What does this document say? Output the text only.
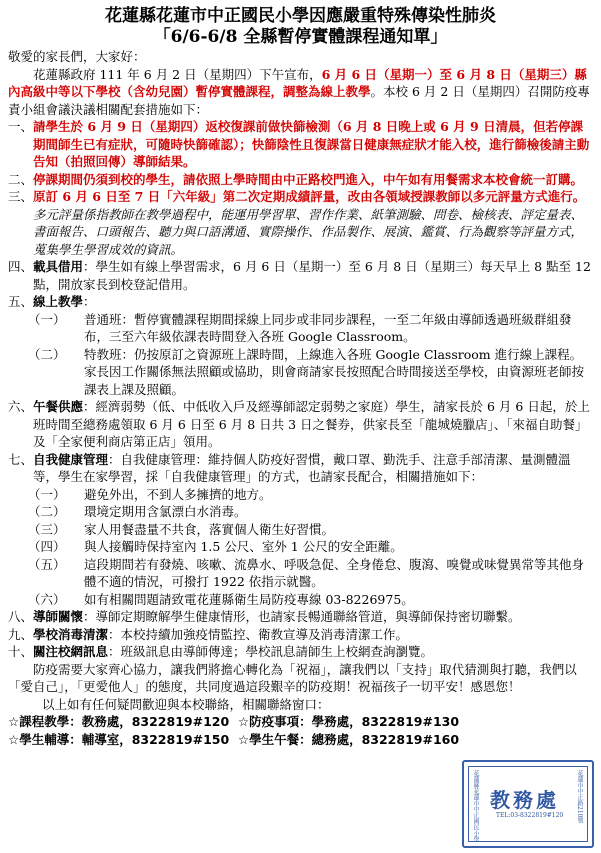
花蓮縣花蓮市中正國民小學因應嚴重特殊傳染性肺炎

「6/6-6/8 全縣暫停實體課程通知單」

敬愛的家長們，大家好：

花蓮縣政府 111 年 6 月 2 日（星期四）下午宣布，6 月 6 日（星期一）至 6 月 8 日（星期三）縣內高級中等以下學校（含幼兒園）暫停實體課程，調整為線上教學。本校 6 月 2 日（星期四）召開防疫專責小組會議決議相關配套措施如下：

一、 請學生於 6 月 9 日（星期四）返校復課前做快篩檢測（6 月 8 日晚上或 6 月 9 日清晨，但若停課期間師生已有症狀，可隨時快篩確認）；快篩陰性且復課當日健康無症狀才能入校，進行篩檢後請主動告知（拍照回傳）導師結果。
二、 停課期間仍須到校的學生，請依照上學時間由中正路校門進入，中午如有用餐需求本校會統一訂購。
三、 原訂 6 月 6 日至 7 日「六年級」第二次定期成績評量，改由各領域授課教師以多元評量方式進行。
多元評量係指教師在教學過程中，能運用學習單、習作作業、紙筆測驗、問卷、檢核表、評定量表、書面報告、口頭報告、聽力與口語溝通、實際操作、作品製作、展演、鑑賞、行為觀察等評量方式，蒐集學生學習成效的資訊。
四、 載具借用：學生如有線上學習需求，6 月 6 日（星期一）至 6 月 8 日（星期三）每天早上 8 點至 12 點，開放家長到校登記借用。
五、 線上教學：
（一）	普通班：暫停實體課程期間採線上同步或非同步課程，一至二年級由導師透過班級群組發布，三至六年級依課表時間登入各班 Google Classroom。
（二）	特教班：仍按原訂之資源班上課時間，上線進入各班 Google Classroom 進行線上課程。家長因工作關係無法照顧或協助，則會商請家長按照配合時間接送至學校，由資源班老師按課表上課及照顧。
六、 午餐供應：經濟弱勢（低、中低收入戶及經導師認定弱勢之家庭）學生，請家長於 6 月 6 日起，於上班時間至總務處領取 6 月 6 日至 6 月 8 日共 3 日之餐券，供家長至「龍城燒臘店」、「來福自助餐」及「全家便利商店第正店」領用。
七、 自我健康管理：自我健康管理：維持個人防疫好習慣，戴口罩、勤洗手、注意手部清潔、量測體溫等，學生在家學習，採「自我健康管理」的方式，也請家長配合，相關措施如下：
（一）	避免外出，不到人多擁擠的地方。
（二）	環境定期用含氯漂白水消毒。
（三）	家人用餐盡量不共食，落實個人衛生好習慣。
（四）	與人接觸時保持室內 1.5 公尺、室外 1 公尺的安全距離。
（五）	這段期間若有發燒、咳嗽、流鼻水、呼吸急促、全身倦怠、腹瀉、嗅覺或味覺異常等其他身體不適的情況，可撥打 1922 依指示就醫。
（六）	如有相關問題請致電花蓮縣衛生局防疫專線 03-8226975。
八、 導師關懷：導師定期瞭解學生健康情形，也請家長暢通聯絡管道，與導師保持密切聯繫。
九、 學校消毒清潔：本校持續加強疫情監控、衛教宣導及消毒清潔工作。
十、 關注校網訊息：班級訊息由導師傳達；學校訊息請師生上校網查詢瀏覽。

防疫需要大家齊心協力，讓我們將擔心轉化為「祝福」，讓我們以「支持」取代猜測與打聽，我們以「愛自己」，「更愛他人」的態度，共同度過這段艱辛的防疫期！祝福孩子一切平安！感恩您！

以上如有任何疑問歡迎與本校聯絡，相關聯絡窗口：

☆課程教學：教務處，8322819#120 ☆防疫事項：學務處，8322819#130
☆學生輔導：輔導室，8322819#150 ☆學生午餐：總務處，8322819#160
花蓮縣花蓮市中正國民小學 教務處
TEL:03-8322819#120 花蓮市中正路210號
